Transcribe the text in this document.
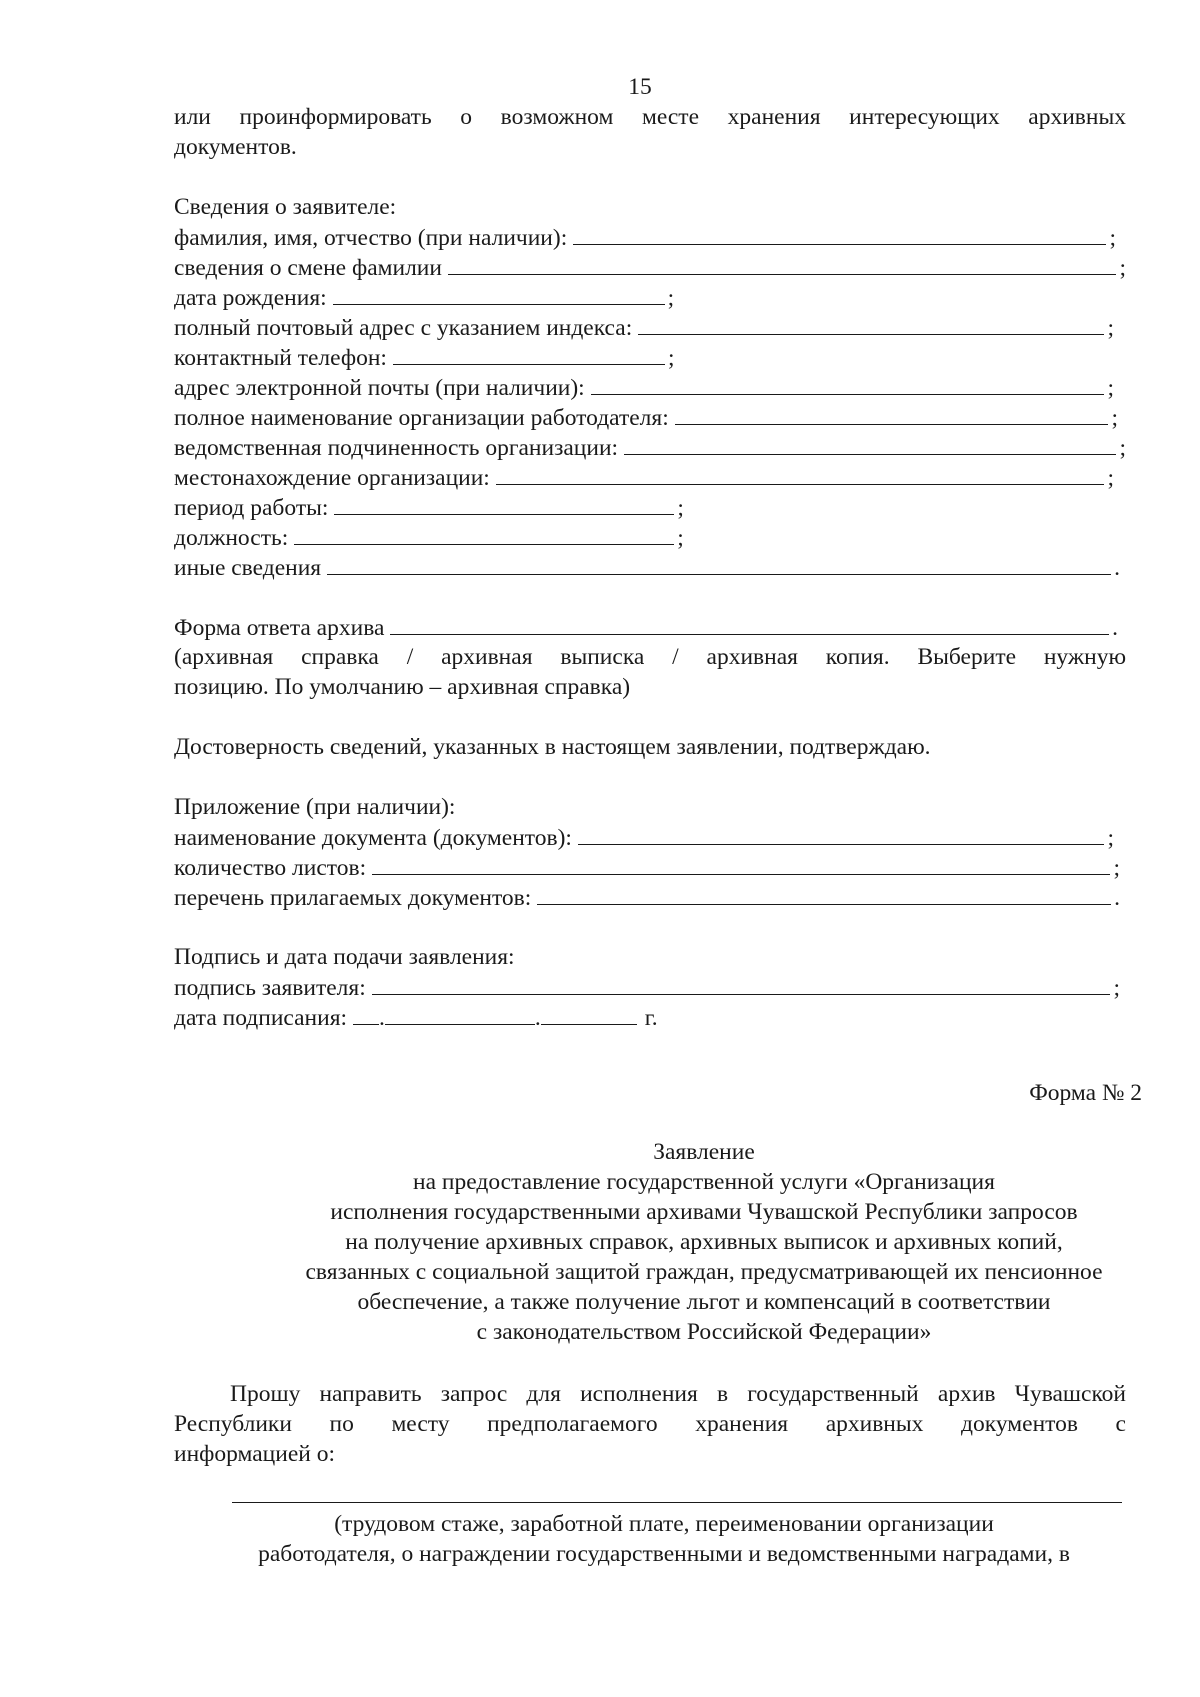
15
или проинформировать о возможном месте хранения интересующих архивных
документов.
Сведения о заявителе:
фамилия, имя, отчество (при наличии):	;
сведения о смене фамилии	;
дата рождения:	;
полный почтовый адрес с указанием индекса:	;
контактный телефон:	;
адрес электронной почты (при наличии):	;
полное наименование организации работодателя:	;
ведомственная подчиненность организации:	;
местонахождение организации:	;
период работы:	;
должность:	;
иные сведения	.
Форма ответа архива	.
(архивная справка / архивная выписка / архивная копия. Выберите нужную
позицию. По умолчанию – архивная справка)
Достоверность сведений, указанных в настоящем заявлении, подтверждаю.
Приложение (при наличии):
наименование документа (документов):	;
количество листов:	;
перечень прилагаемых документов:	.
Подпись и дата подачи заявления:
подпись заявителя:	;
дата подписания: .	.	г.
Форма № 2
Заявление
на предоставление государственной услуги «Организация
исполнения государственными архивами Чувашской Республики запросов
на получение архивных справок, архивных выписок и архивных копий,
связанных с социальной защитой граждан, предусматривающей их пенсионное
обеспечение, а также получение льгот и компенсаций в соответствии
с законодательством Российской Федерации»
Прошу направить запрос для исполнения в государственный архив Чувашской
Республики по месту предполагаемого хранения архивных документов с
информацией о:
(трудовом стаже, заработной плате, переименовании организации
работодателя, о награждении государственными и ведомственными наградами, в
